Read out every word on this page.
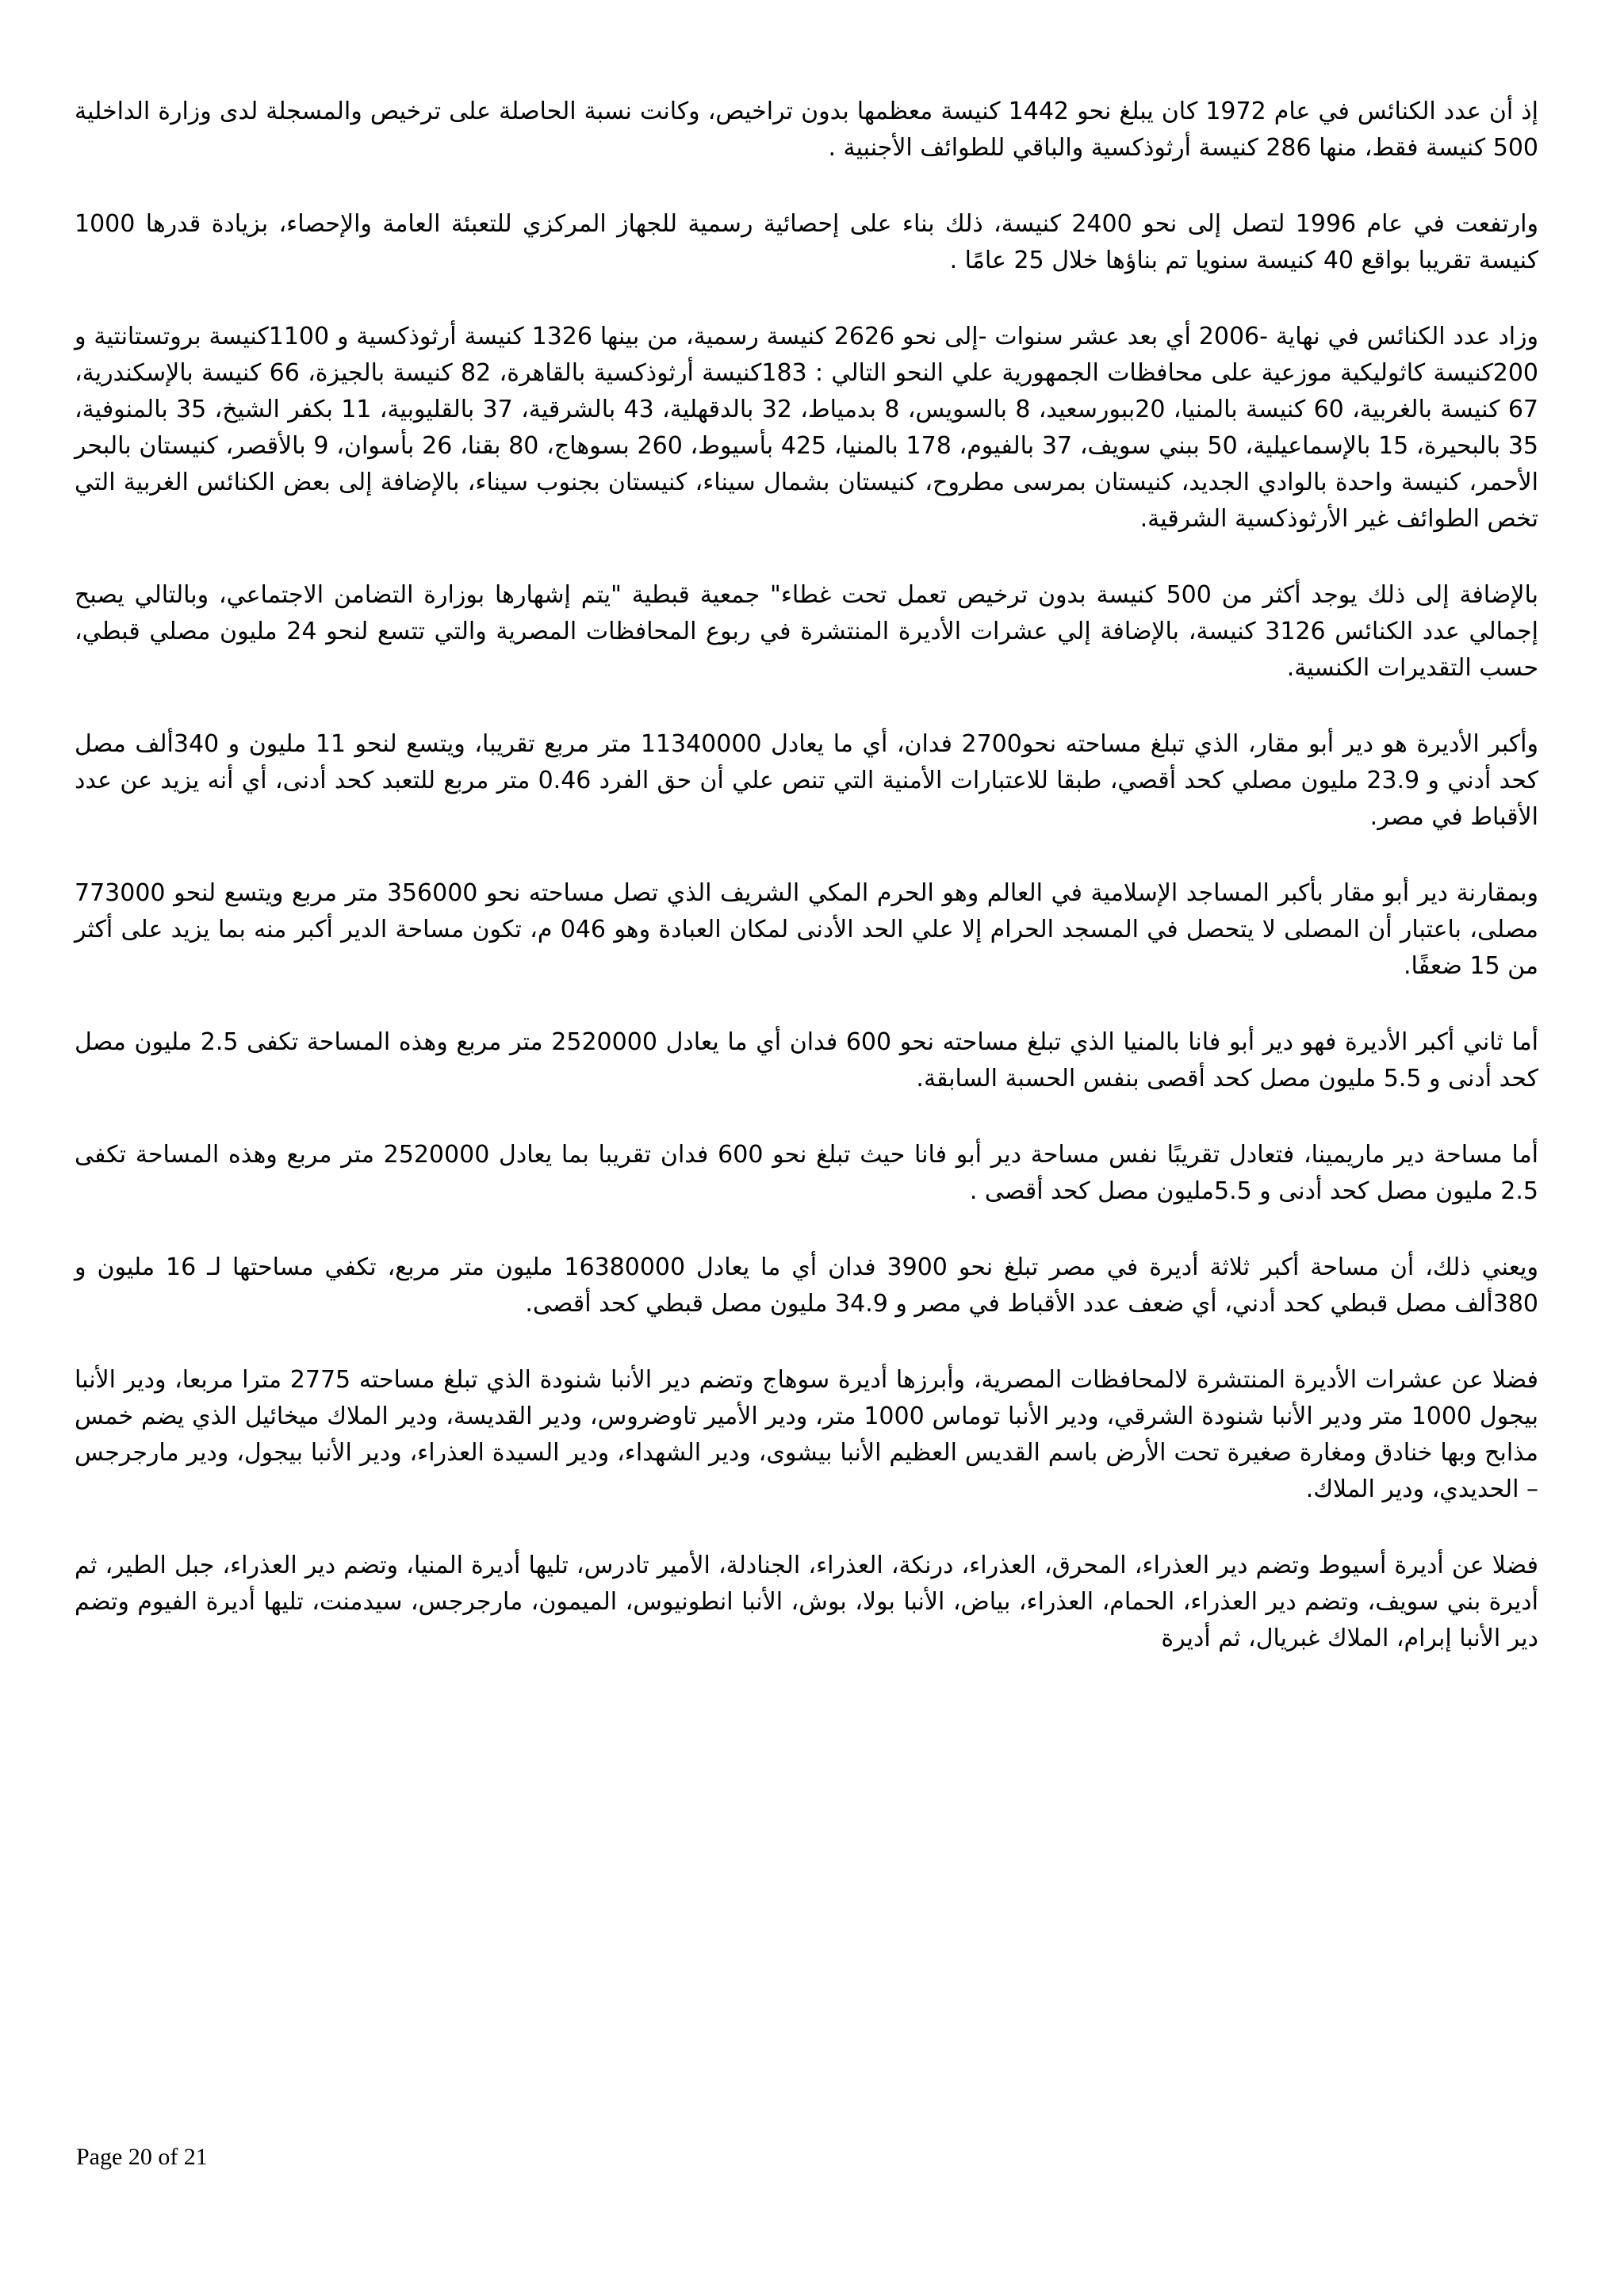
إذ أن عدد الكنائس في عام 1972 كان يبلغ نحو 1442 كنيسة معظمها بدون تراخيص، وكانت نسبة الحاصلة على ترخيص والمسجلة لدى وزارة الداخلية 500 كنيسة فقط، منها 286 كنيسة أرثوذكسية والباقي للطوائف الأجنبية .

وارتفعت في عام 1996 لتصل إلى نحو 2400 كنيسة، ذلك بناء على إحصائية رسمية للجهاز المركزي للتعبئة العامة والإحصاء، بزيادة قدرها 1000 كنيسة تقريبا بواقع 40 كنيسة سنويا تم بناؤها خلال 25 عامًا .

وزاد عدد الكنائس في نهاية -2006 أي بعد عشر سنوات -إلى نحو 2626 كنيسة رسمية، من بينها 1326 كنيسة أرثوذكسية و 1100كنيسة بروتستانتية و 200كنيسة كاثوليكية موزعية على محافظات الجمهورية علي النحو التالي : 183كنيسة أرثوذكسية بالقاهرة، 82 كنيسة بالجيزة، 66 كنيسة بالإسكندرية، 67 كنيسة بالغربية، 60 كنيسة بالمنيا، 20ببورسعيد، 8 بالسويس، 8 بدمياط، 32 بالدقهلية، 43 بالشرقية، 37 بالقليوبية، 11 بكفر الشيخ، 35 بالمنوفية، 35 بالبحيرة، 15 بالإسماعيلية، 50 ببني سويف، 37 بالفيوم، 178 بالمنيا، 425 بأسيوط، 260 بسوهاج، 80 بقنا، 26 بأسوان، 9 بالأقصر، كنيستان بالبحر الأحمر، كنيسة واحدة بالوادي الجديد، كنيستان بمرسى مطروح، كنيستان بشمال سيناء، كنيستان بجنوب سيناء، بالإضافة إلى بعض الكنائس الغربية التي تخص الطوائف غير الأرثوذكسية الشرقية.

بالإضافة إلى ذلك يوجد أكثر من 500 كنيسة بدون ترخيص تعمل تحت غطاء" جمعية قبطية "يتم إشهارها بوزارة التضامن الاجتماعي، وبالتالي يصبح إجمالي عدد الكنائس 3126 كنيسة، بالإضافة إلي عشرات الأديرة المنتشرة في ربوع المحافظات المصرية والتي تتسع لنحو 24 مليون مصلي قبطي، حسب التقديرات الكنسية.

وأكبر الأديرة هو دير أبو مقار، الذي تبلغ مساحته نحو2700 فدان، أي ما يعادل 11340000 متر مربع تقريبا، ويتسع لنحو 11 مليون و 340ألف مصل كحد أدني و 23.9 مليون مصلي كحد أقصي، طبقا للاعتبارات الأمنية التي تنص علي أن حق الفرد 0.46 متر مربع للتعبد كحد أدنى، أي أنه يزيد عن عدد الأقباط في مصر.

وبمقارنة دير أبو مقار بأكبر المساجد الإسلامية في العالم وهو الحرم المكي الشريف الذي تصل مساحته نحو 356000 متر مربع ويتسع لنحو 773000 مصلى، باعتبار أن المصلى لا يتحصل في المسجد الحرام إلا علي الحد الأدنى لمكان العبادة وهو 046 م، تكون مساحة الدير أكبر منه بما يزيد على أكثر من 15 ضعفًا.

أما ثاني أكبر الأديرة فهو دير أبو فانا بالمنيا الذي تبلغ مساحته نحو 600 فدان أي ما يعادل 2520000 متر مربع وهذه المساحة تكفى 2.5 مليون مصل كحد أدنى و 5.5 مليون مصل كحد أقصى بنفس الحسبة السابقة.

أما مساحة دير ماريمينا، فتعادل تقريبًا نفس مساحة دير أبو فانا حيث تبلغ نحو 600 فدان تقريبا بما يعادل 2520000 متر مربع وهذه المساحة تكفى 2.5 مليون مصل كحد أدنى و 5.5مليون مصل كحد أقصى .

ويعني ذلك، أن مساحة أكبر ثلاثة أديرة في مصر تبلغ نحو 3900 فدان أي ما يعادل 16380000 مليون متر مربع، تكفي مساحتها لـ 16 مليون و 380ألف مصل قبطي كحد أدني، أي ضعف عدد الأقباط في مصر و 34.9 مليون مصل قبطي كحد أقصى.

فضلا عن عشرات الأديرة المنتشرة لالمحافظات المصرية، وأبرزها أديرة سوهاج وتضم دير الأنبا شنودة الذي تبلغ مساحته 2775 مترا مربعا، ودير الأنبا بيجول 1000 متر ودير الأنبا شنودة الشرقي، ودير الأنبا توماس 1000 متر، ودير الأمير تاوضروس، ودير القديسة، ودير الملاك ميخائيل الذي يضم خمس مذابح وبها خنادق ومغارة صغيرة تحت الأرض باسم القديس العظيم الأنبا بيشوى، ودير الشهداء، ودير السيدة العذراء، ودير الأنبا بيجول، ودير مارجرجس – الحديدي، ودير الملاك.

فضلا عن أديرة أسيوط وتضم دير العذراء، المحرق، العذراء، درنكة، العذراء، الجنادلة، الأمير تادرس، تليها أديرة المنيا، وتضم دير العذراء، جبل الطير، ثم أديرة بني سويف، وتضم دير العذراء، الحمام، العذراء، بياض، الأنبا بولا، بوش، الأنبا انطونيوس، الميمون، مارجرجس، سيدمنت، تليها أديرة الفيوم وتضم دير الأنبا إبرام، الملاك غبريال، ثم أديرة

Page 20 of 21
